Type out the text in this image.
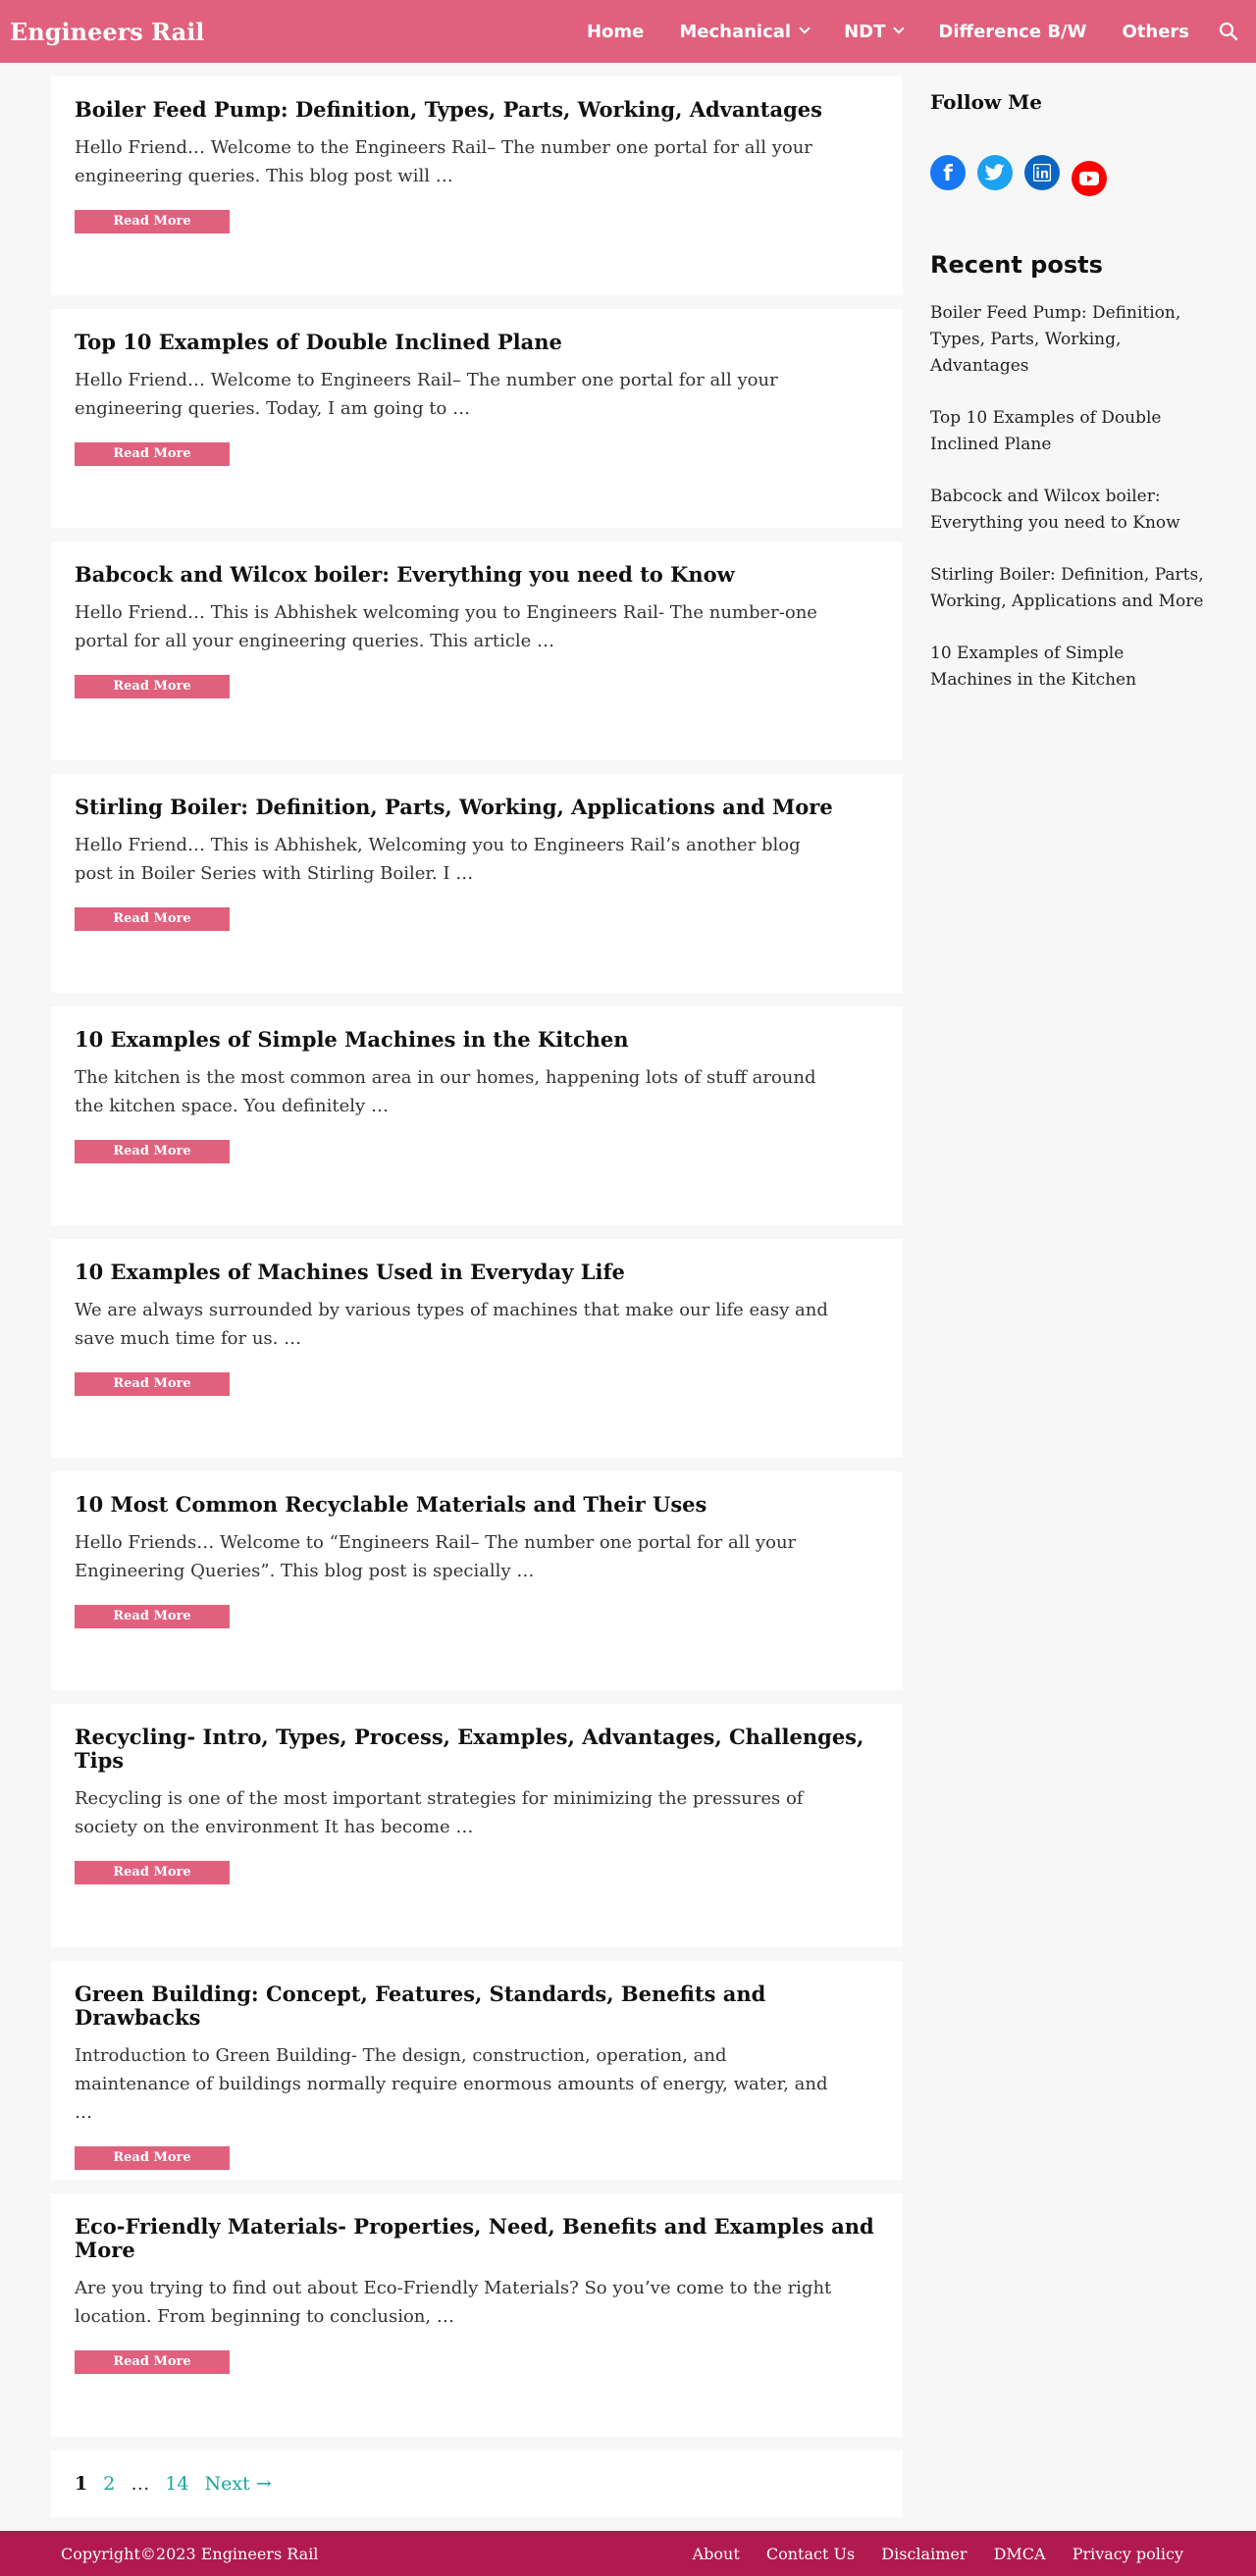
Engineers Rail	Home Mechanical	NDT	Difference B/W Others
Boiler Feed Pump: Definition, Types, Parts, Working, Advantages

Hello Friend… Welcome to the Engineers Rail– The number one portal for all your engineering queries. This blog post will …

Read More
Top 10 Examples of Double Inclined Plane

Hello Friend… Welcome to Engineers Rail– The number one portal for all your engineering queries. Today, I am going to …

Read More
Babcock and Wilcox boiler: Everything you need to Know

Hello Friend… This is Abhishek welcoming you to Engineers Rail- The number-one portal for all your engineering queries. This article …

Read More
Stirling Boiler: Definition, Parts, Working, Applications and More

Hello Friend… This is Abhishek, Welcoming you to Engineers Rail’s another blog post in Boiler Series with Stirling Boiler. I …

Read More
10 Examples of Simple Machines in the Kitchen

The kitchen is the most common area in our homes, happening lots of stuff around the kitchen space. You definitely …

Read More
10 Examples of Machines Used in Everyday Life

We are always surrounded by various types of machines that make our life easy and save much time for us. …

Read More
10 Most Common Recyclable Materials and Their Uses

Hello Friends… Welcome to “Engineers Rail– The number one portal for all your Engineering Queries”. This blog post is specially …

Read More
Recycling- Intro, Types, Process, Examples, Advantages, Challenges, Tips

Recycling is one of the most important strategies for minimizing the pressures of society on the environment It has become …

Read More
Green Building: Concept, Features, Standards, Benefits and Drawbacks

Introduction to Green Building- The design, construction, operation, and maintenance of buildings normally require enormous amounts of energy, water, and …

Read More
Eco-Friendly Materials- Properties, Need, Benefits and Examples and More

Are you trying to find out about Eco-Friendly Materials? So you’ve come to the right location. From beginning to conclusion, …

Read More
1 2 … 14 Next →
Follow Me
f
Recent posts
Boiler Feed Pump: Definition, Types, Parts, Working, Advantages
Top 10 Examples of Double Inclined Plane
Babcock and Wilcox boiler: Everything you need to Know
Stirling Boiler: Definition, Parts, Working, Applications and More
10 Examples of Simple Machines in the Kitchen
Copyright©2023 Engineers Rail	About Contact Us Disclaimer DMCA Privacy policy
